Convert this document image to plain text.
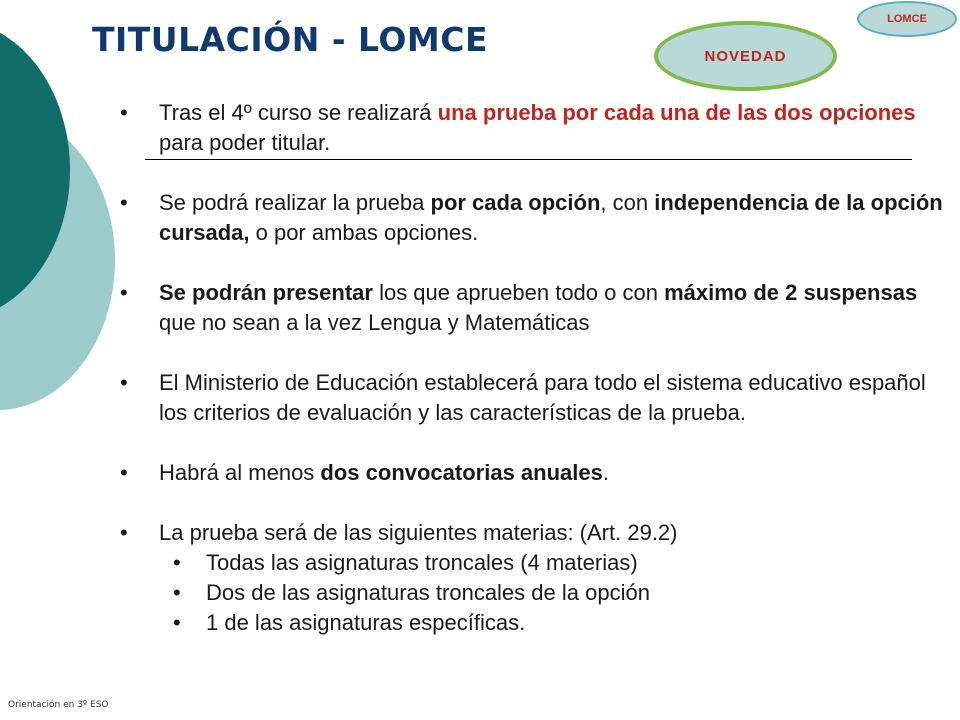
TITULACIÓN - LOMCE
LOMCE
NOVEDAD
• Tras el 4º curso se realizará una prueba por cada una de las dos opciones para poder titular.
• Se podrá realizar la prueba por cada opción, con independencia de la opción cursada, o por ambas opciones.
• Se podrán presentar los que aprueben todo o con máximo de 2 suspensas que no sean a la vez Lengua y Matemáticas
• El Ministerio de Educación establecerá para todo el sistema educativo español los criterios de evaluación y las características de la prueba.
• Habrá al menos dos convocatorias anuales.
• La prueba será de las siguientes materias: (Art. 29.2)
• Todas las asignaturas troncales (4 materias)
• Dos de las asignaturas troncales de la opción
• 1 de las asignaturas específicas.
Orientación en 3º ESO
